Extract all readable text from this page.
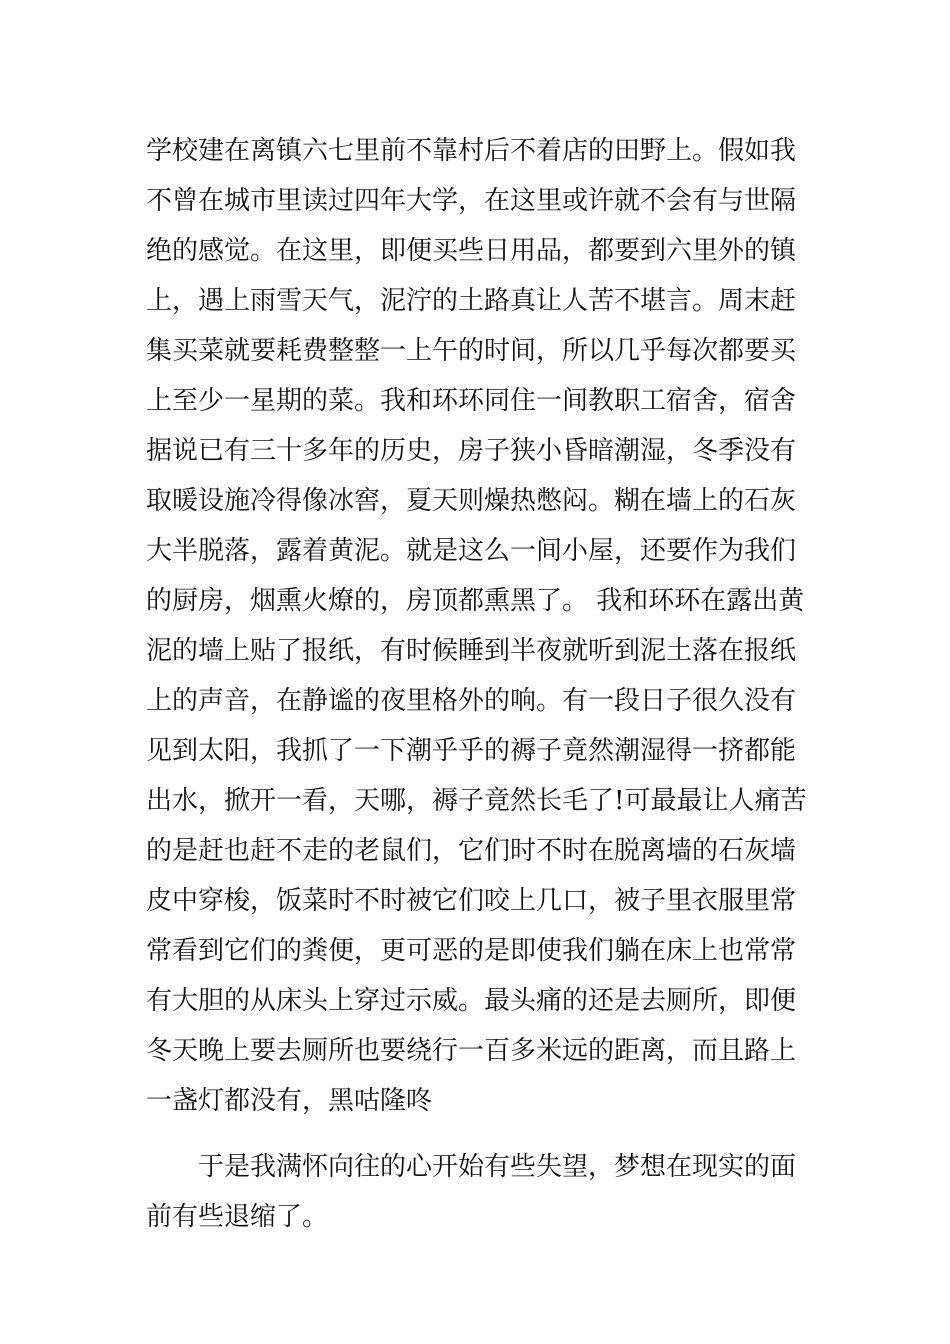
学校建在离镇六七里前不靠村后不着店的田野上。假如我
不曾在城市里读过四年大学，在这里或许就不会有与世隔
绝的感觉。在这里，即便买些日用品，都要到六里外的镇
上，遇上雨雪天气，泥泞的土路真让人苦不堪言。周末赶
集买菜就要耗费整整一上午的时间，所以几乎每次都要买
上至少一星期的菜。我和环环同住一间教职工宿舍，宿舍
据说已有三十多年的历史，房子狭小昏暗潮湿，冬季没有
取暖设施冷得像冰窖，夏天则燥热憋闷。糊在墙上的石灰
大半脱落，露着黄泥。就是这么一间小屋，还要作为我们
的厨房，烟熏火燎的，房顶都熏黑了。 我和环环在露出黄
泥的墙上贴了报纸，有时候睡到半夜就听到泥土落在报纸
上的声音，在静谧的夜里格外的响。有一段日子很久没有
见到太阳，我抓了一下潮乎乎的褥子竟然潮湿得一挤都能
出水，掀开一看，天哪，褥子竟然长毛了!可最最让人痛苦
的是赶也赶不走的老鼠们，它们时不时在脱离墙的石灰墙
皮中穿梭，饭菜时不时被它们咬上几口，被子里衣服里常
常看到它们的粪便，更可恶的是即使我们躺在床上也常常
有大胆的从床头上穿过示威。最头痛的还是去厕所，即便
冬天晚上要去厕所也要绕行一百多米远的距离，而且路上
一盏灯都没有，黑咕隆咚
　　于是我满怀向往的心开始有些失望，梦想在现实的面
前有些退缩了。
